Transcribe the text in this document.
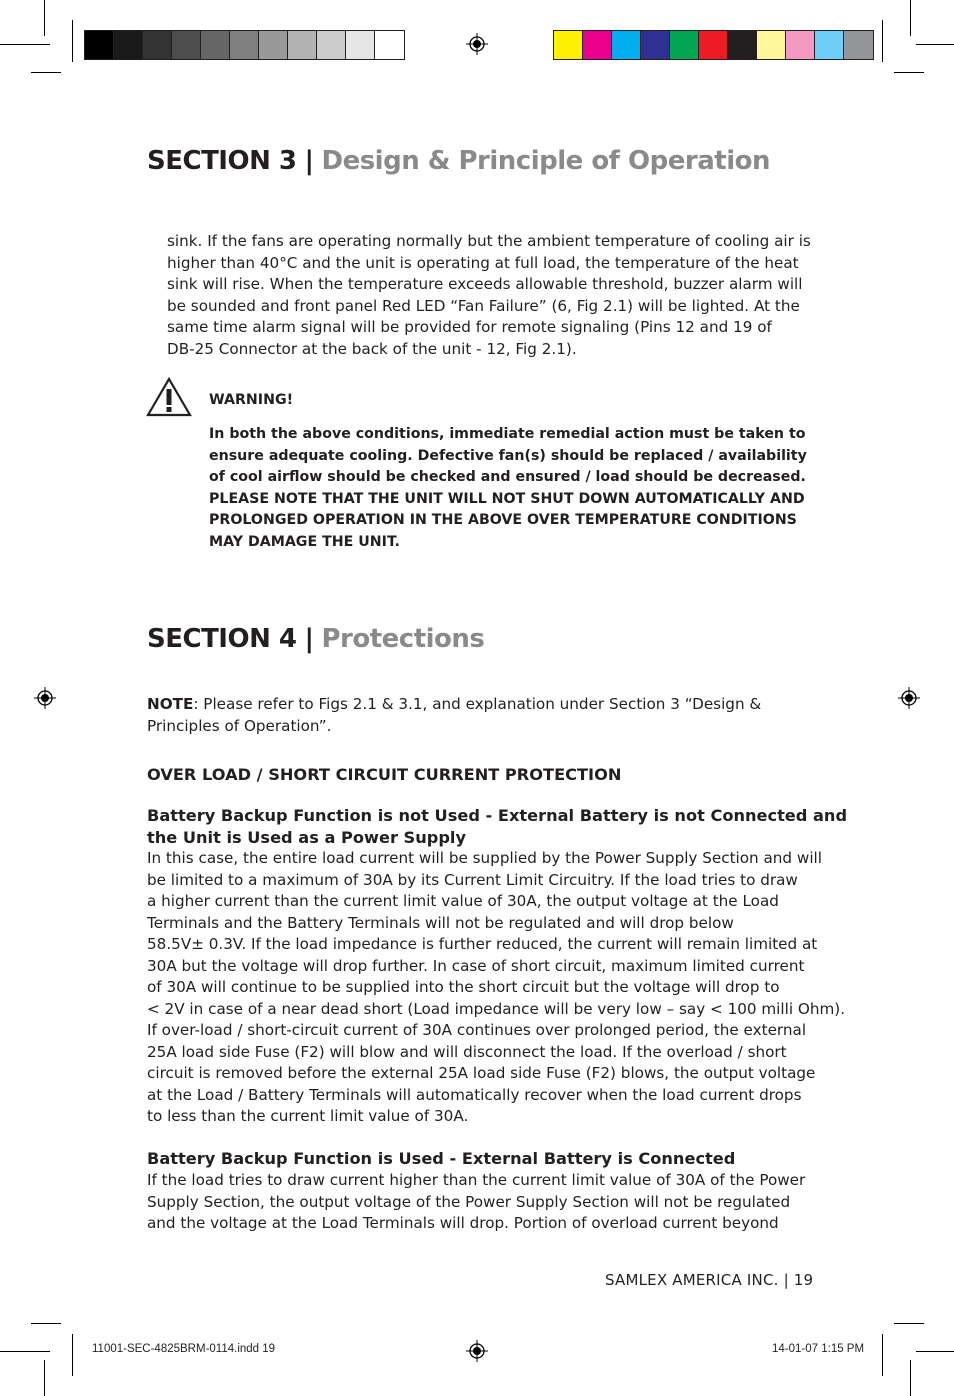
SECTION 3 | Design & Principle of Operation
sink. If the fans are operating normally but the ambient temperature of cooling air is
higher than 40°C and the unit is operating at full load, the temperature of the heat
sink will rise. When the temperature exceeds allowable threshold, buzzer alarm will
be sounded and front panel Red LED “Fan Failure” (6, Fig 2.1) will be lighted. At the
same time alarm signal will be provided for remote signaling (Pins 12 and 19 of
DB-25 Connector at the back of the unit - 12, Fig 2.1).
WARNING!
In both the above conditions, immediate remedial action must be taken to
ensure adequate cooling. Defective fan(s) should be replaced / availability
of cool airflow should be checked and ensured / load should be decreased.
PLEASE NOTE THAT THE UNIT WILL NOT SHUT DOWN AUTOMATICALLY AND
PROLONGED OPERATION IN THE ABOVE OVER TEMPERATURE CONDITIONS
MAY DAMAGE THE UNIT.
SECTION 4 | Protections
NOTE: Please refer to Figs 2.1 & 3.1, and explanation under Section 3 “Design &
Principles of Operation”.
OVER LOAD / SHORT CIRCUIT CURRENT PROTECTION
Battery Backup Function is not Used - External Battery is not Connected and
the Unit is Used as a Power Supply
In this case, the entire load current will be supplied by the Power Supply Section and will
be limited to a maximum of 30A by its Current Limit Circuitry. If the load tries to draw
a higher current than the current limit value of 30A, the output voltage at the Load
Terminals and the Battery Terminals will not be regulated and will drop below
58.5V± 0.3V. If the load impedance is further reduced, the current will remain limited at
30A but the voltage will drop further. In case of short circuit, maximum limited current
of 30A will continue to be supplied into the short circuit but the voltage will drop to
< 2V in case of a near dead short (Load impedance will be very low – say < 100 milli Ohm).
If over-load / short-circuit current of 30A continues over prolonged period, the external
25A load side Fuse (F2) will blow and will disconnect the load. If the overload / short
circuit is removed before the external 25A load side Fuse (F2) blows, the output voltage
at the Load / Battery Terminals will automatically recover when the load current drops
to less than the current limit value of 30A.
Battery Backup Function is Used - External Battery is Connected
If the load tries to draw current higher than the current limit value of 30A of the Power
Supply Section, the output voltage of the Power Supply Section will not be regulated
and the voltage at the Load Terminals will drop. Portion of overload current beyond
SAMLEX AMERICA INC. | 19
11001-SEC-4825BRM-0114.indd 19	14-01-07 1:15 PM
